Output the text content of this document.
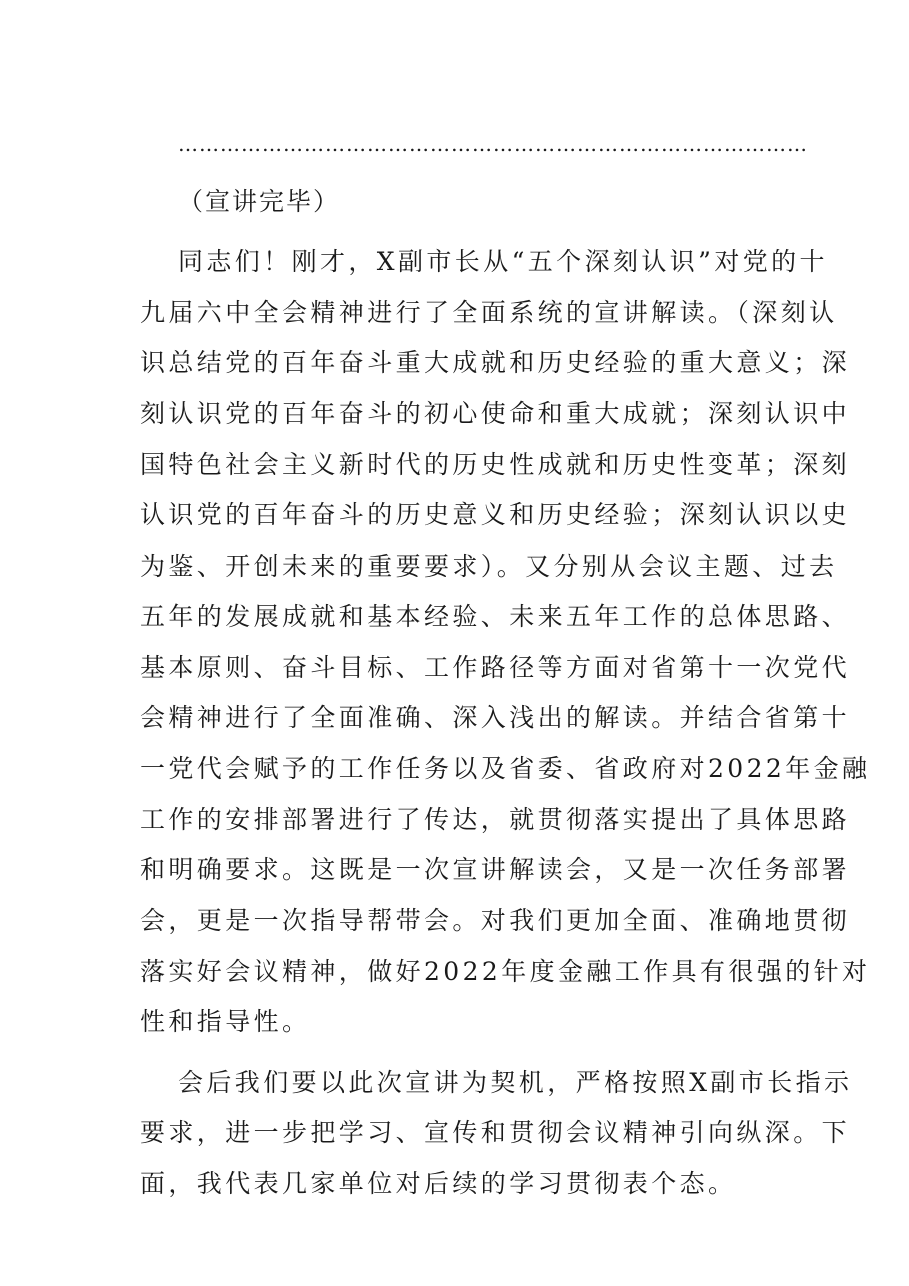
………………………………………………………………………………
（宣讲完毕）
同志们！刚才，X副市长从“五个深刻认识”对党的十
九届六中全会精神进行了全面系统的宣讲解读。（深刻认
识总结党的百年奋斗重大成就和历史经验的重大意义；深
刻认识党的百年奋斗的初心使命和重大成就；深刻认识中
国特色社会主义新时代的历史性成就和历史性变革；深刻
认识党的百年奋斗的历史意义和历史经验；深刻认识以史
为鉴、开创未来的重要要求）。又分别从会议主题、过去
五年的发展成就和基本经验、未来五年工作的总体思路、
基本原则、奋斗目标、工作路径等方面对省第十一次党代
会精神进行了全面准确、深入浅出的解读。并结合省第十
一党代会赋予的工作任务以及省委、省政府对2022年金融
工作的安排部署进行了传达，就贯彻落实提出了具体思路
和明确要求。这既是一次宣讲解读会，又是一次任务部署
会，更是一次指导帮带会。对我们更加全面、准确地贯彻
落实好会议精神，做好2022年度金融工作具有很强的针对
性和指导性。
会后我们要以此次宣讲为契机，严格按照X副市长指示
要求，进一步把学习、宣传和贯彻会议精神引向纵深。下
面，我代表几家单位对后续的学习贯彻表个态。
